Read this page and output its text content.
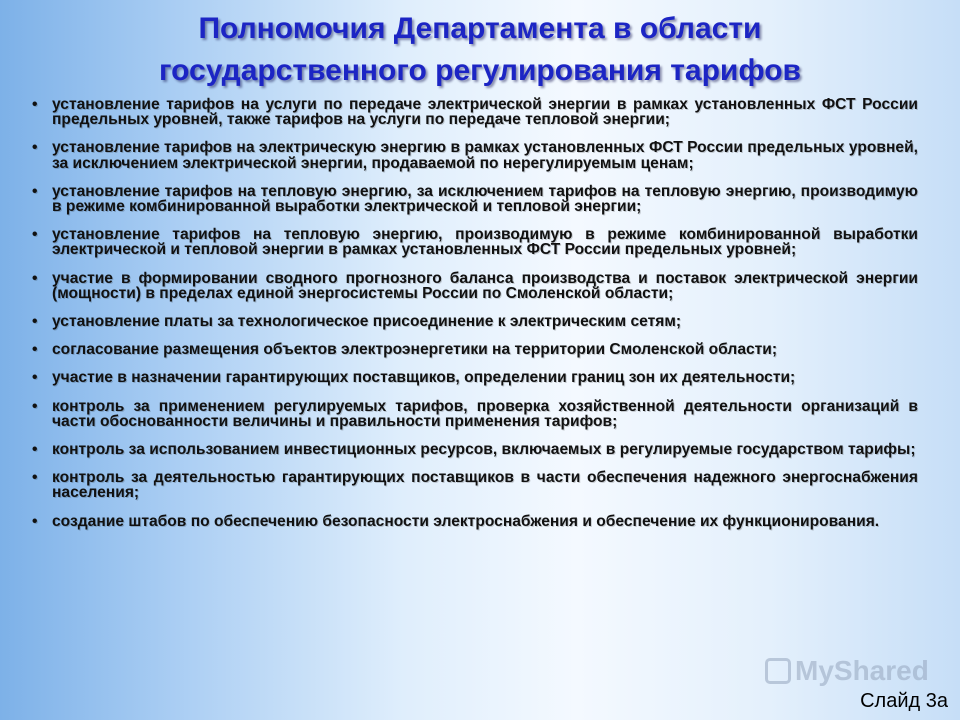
Полномочия Департамента в области
государственного регулирования тарифов
• установление тарифов на услуги по передаче электрической энергии в рамках установленных ФСТ России предельных уровней, также тарифов на услуги по передаче тепловой энергии;
• установление тарифов на электрическую энергию в рамках установленных ФСТ России предельных уровней, за исключением электрической энергии, продаваемой по нерегулируемым ценам;
• установление тарифов на тепловую энергию, за исключением тарифов на тепловую энергию, производимую в режиме комбинированной выработки электрической и тепловой энергии;
• установление тарифов на тепловую энергию, производимую в режиме комбинированной выработки электрической и тепловой энергии в рамках установленных ФСТ России предельных уровней;
• участие в формировании сводного прогнозного баланса производства и поставок электрической энергии (мощности) в пределах единой энергосистемы России по Смоленской области;
• установление платы за технологическое присоединение к электрическим сетям;
• согласование размещения объектов электроэнергетики на территории Смоленской области;
• участие в назначении гарантирующих поставщиков, определении границ зон их деятельности;
• контроль за применением регулируемых тарифов, проверка хозяйственной деятельности организаций в части обоснованности величины и правильности применения тарифов;
• контроль за использованием инвестиционных ресурсов, включаемых в регулируемые государством тарифы;
• контроль за деятельностью гарантирующих поставщиков в части обеспечения надежного энергоснабжения населения;
• создание штабов по обеспечению безопасности электроснабжения и обеспечение их функционирования.
MyShared

Слайд 3а
